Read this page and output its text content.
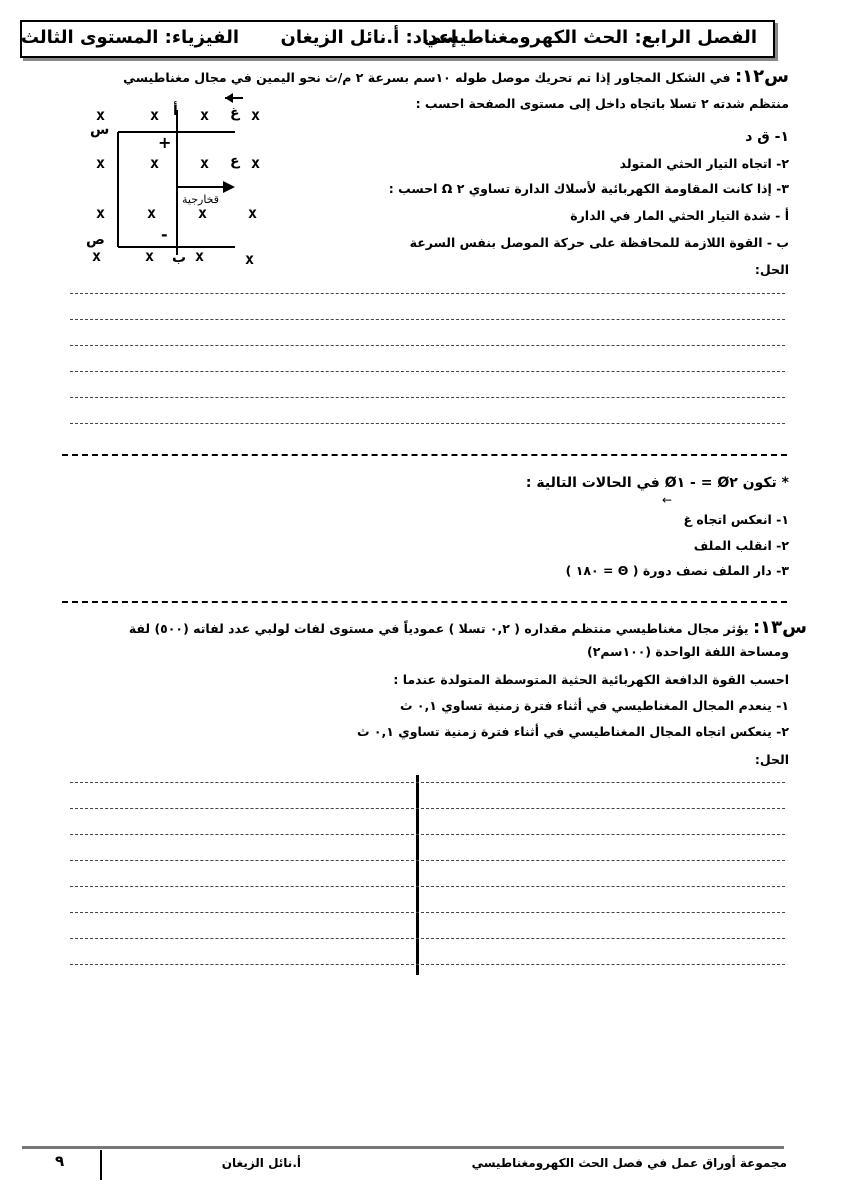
الفصل الرابع: الحث الكهرومغناطيسي
إعداد: أ.نائل الزيغان
الفيزياء: المستوى الثالث
س١٢: في الشكل المجاور إذا تم تحريك موصل طوله ١٠سم بسرعة ٢ م/ث نحو اليمين في مجال مغناطيسي
منتظم شدته ٢ تسلا باتجاه داخل إلى مستوى الصفحة احسب :
١- ق د
٢- اتجاه التيار الحثي المتولد
٣- إذا كانت المقاومة الكهربائية لأسلاك الدارة تساوي ٢ Ω احسب :
أ - شدة التيار الحثي المار في الدارة
ب - القوة اللازمة للمحافظة على حركة الموصل بنفس السرعة
الحل:
x	x	x	x
x	x	x	x
x	x	x	x
x	x	x	x
أ
ب
س
ص
ع
غ
قخارجية
+
-
* تكون Ø٢ = - Ø١ في الحالات التالية :
١- انعكس اتجاه غ
←
٢- انقلب الملف
٣- دار الملف نصف دورة ( Θ = ١٨٠ )
س١٣: يؤثر مجال مغناطيسي منتظم مقداره ( ٠,٢ تسلا ) عمودياً في مستوى لفات لولبي عدد لفاته (٥٠٠) لفة
ومساحة اللفة الواحدة (١٠٠سم٢)
احسب القوة الدافعة الكهربائية الحثية المتوسطة المتولدة عندما :
١- ينعدم المجال المغناطيسي في أثناء فترة زمنية تساوي ٠,١ ث
٢- ينعكس اتجاه المجال المغناطيسي في أثناء فترة زمنية تساوي ٠,١ ث
الحل:
مجموعة أوراق عمل في فصل الحث الكهرومغناطيسي
أ.نائل الزيغان
٩
